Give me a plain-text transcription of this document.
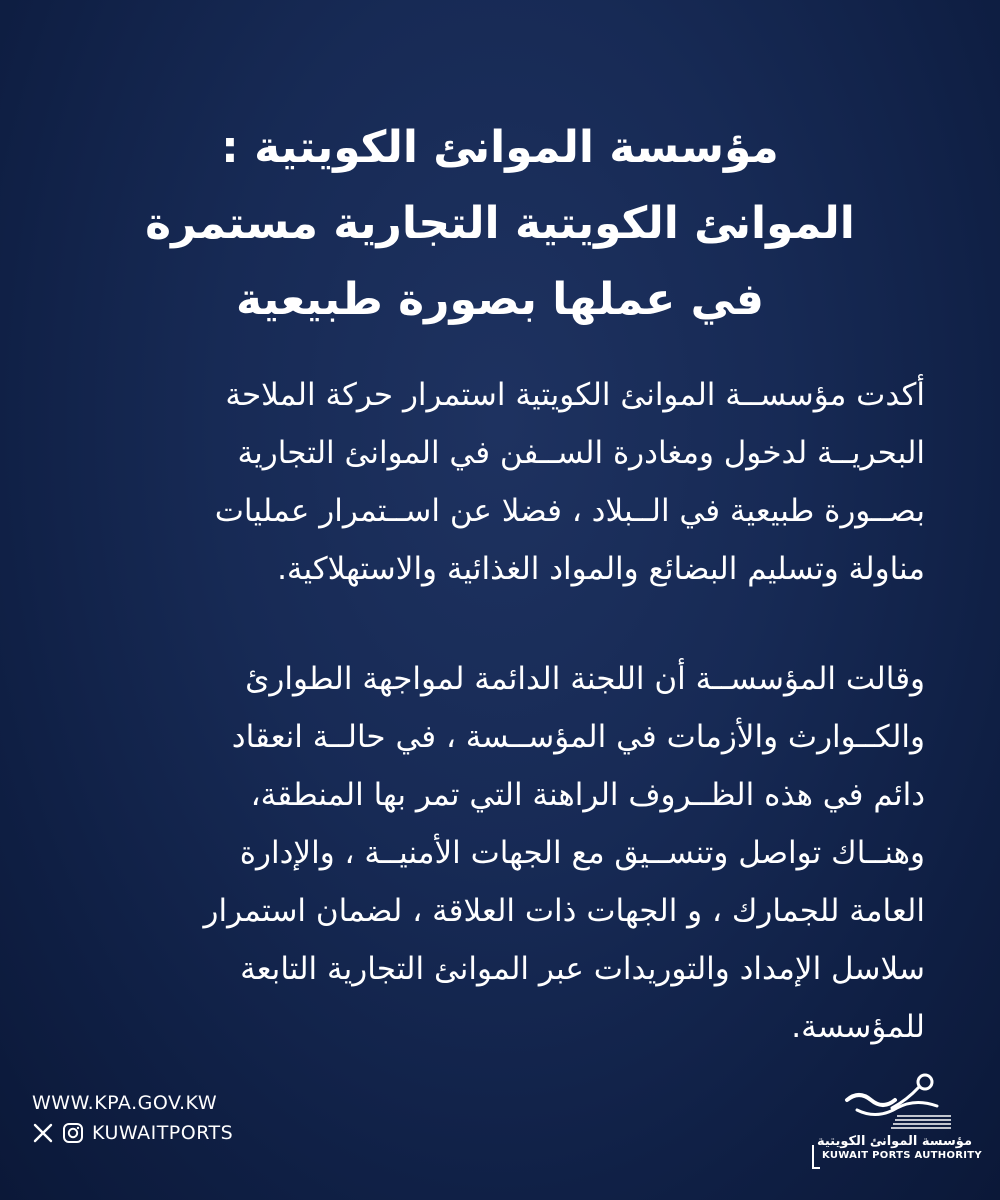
مؤسسة الموانئ الكويتية :
الموانئ الكويتية التجارية مستمرة
في عملها بصورة طبيعية
أكدت مؤسســة الموانئ الكويتية استمرار حركة الملاحة
البحريــة لدخول ومغادرة الســفن في الموانئ التجارية
بصــورة طبيعية في الــبلاد ، فضلا عن اســتمرار عمليات
مناولة وتسليم البضائع والمواد الغذائية والاستهلاكية.
وقالت المؤسســة أن اللجنة الدائمة لمواجهة الطوارئ
والكــوارث والأزمات في المؤســسة ، في حالــة انعقاد
دائم في هذه الظــروف الراهنة التي تمر بها المنطقة،
وهنــاك تواصل وتنســيق مع الجهات الأمنيــة ، والإدارة
العامة للجمارك ، و الجهات ذات العلاقة ، لضمان استمرار
سلاسل الإمداد والتوريدات عبر الموانئ التجارية التابعة
للمؤسسة.
WWW.KPA.GOV.KW
KUWAITPORTS	مؤسسة الموانئ الكويتية
KUWAIT PORTS AUTHORITY
